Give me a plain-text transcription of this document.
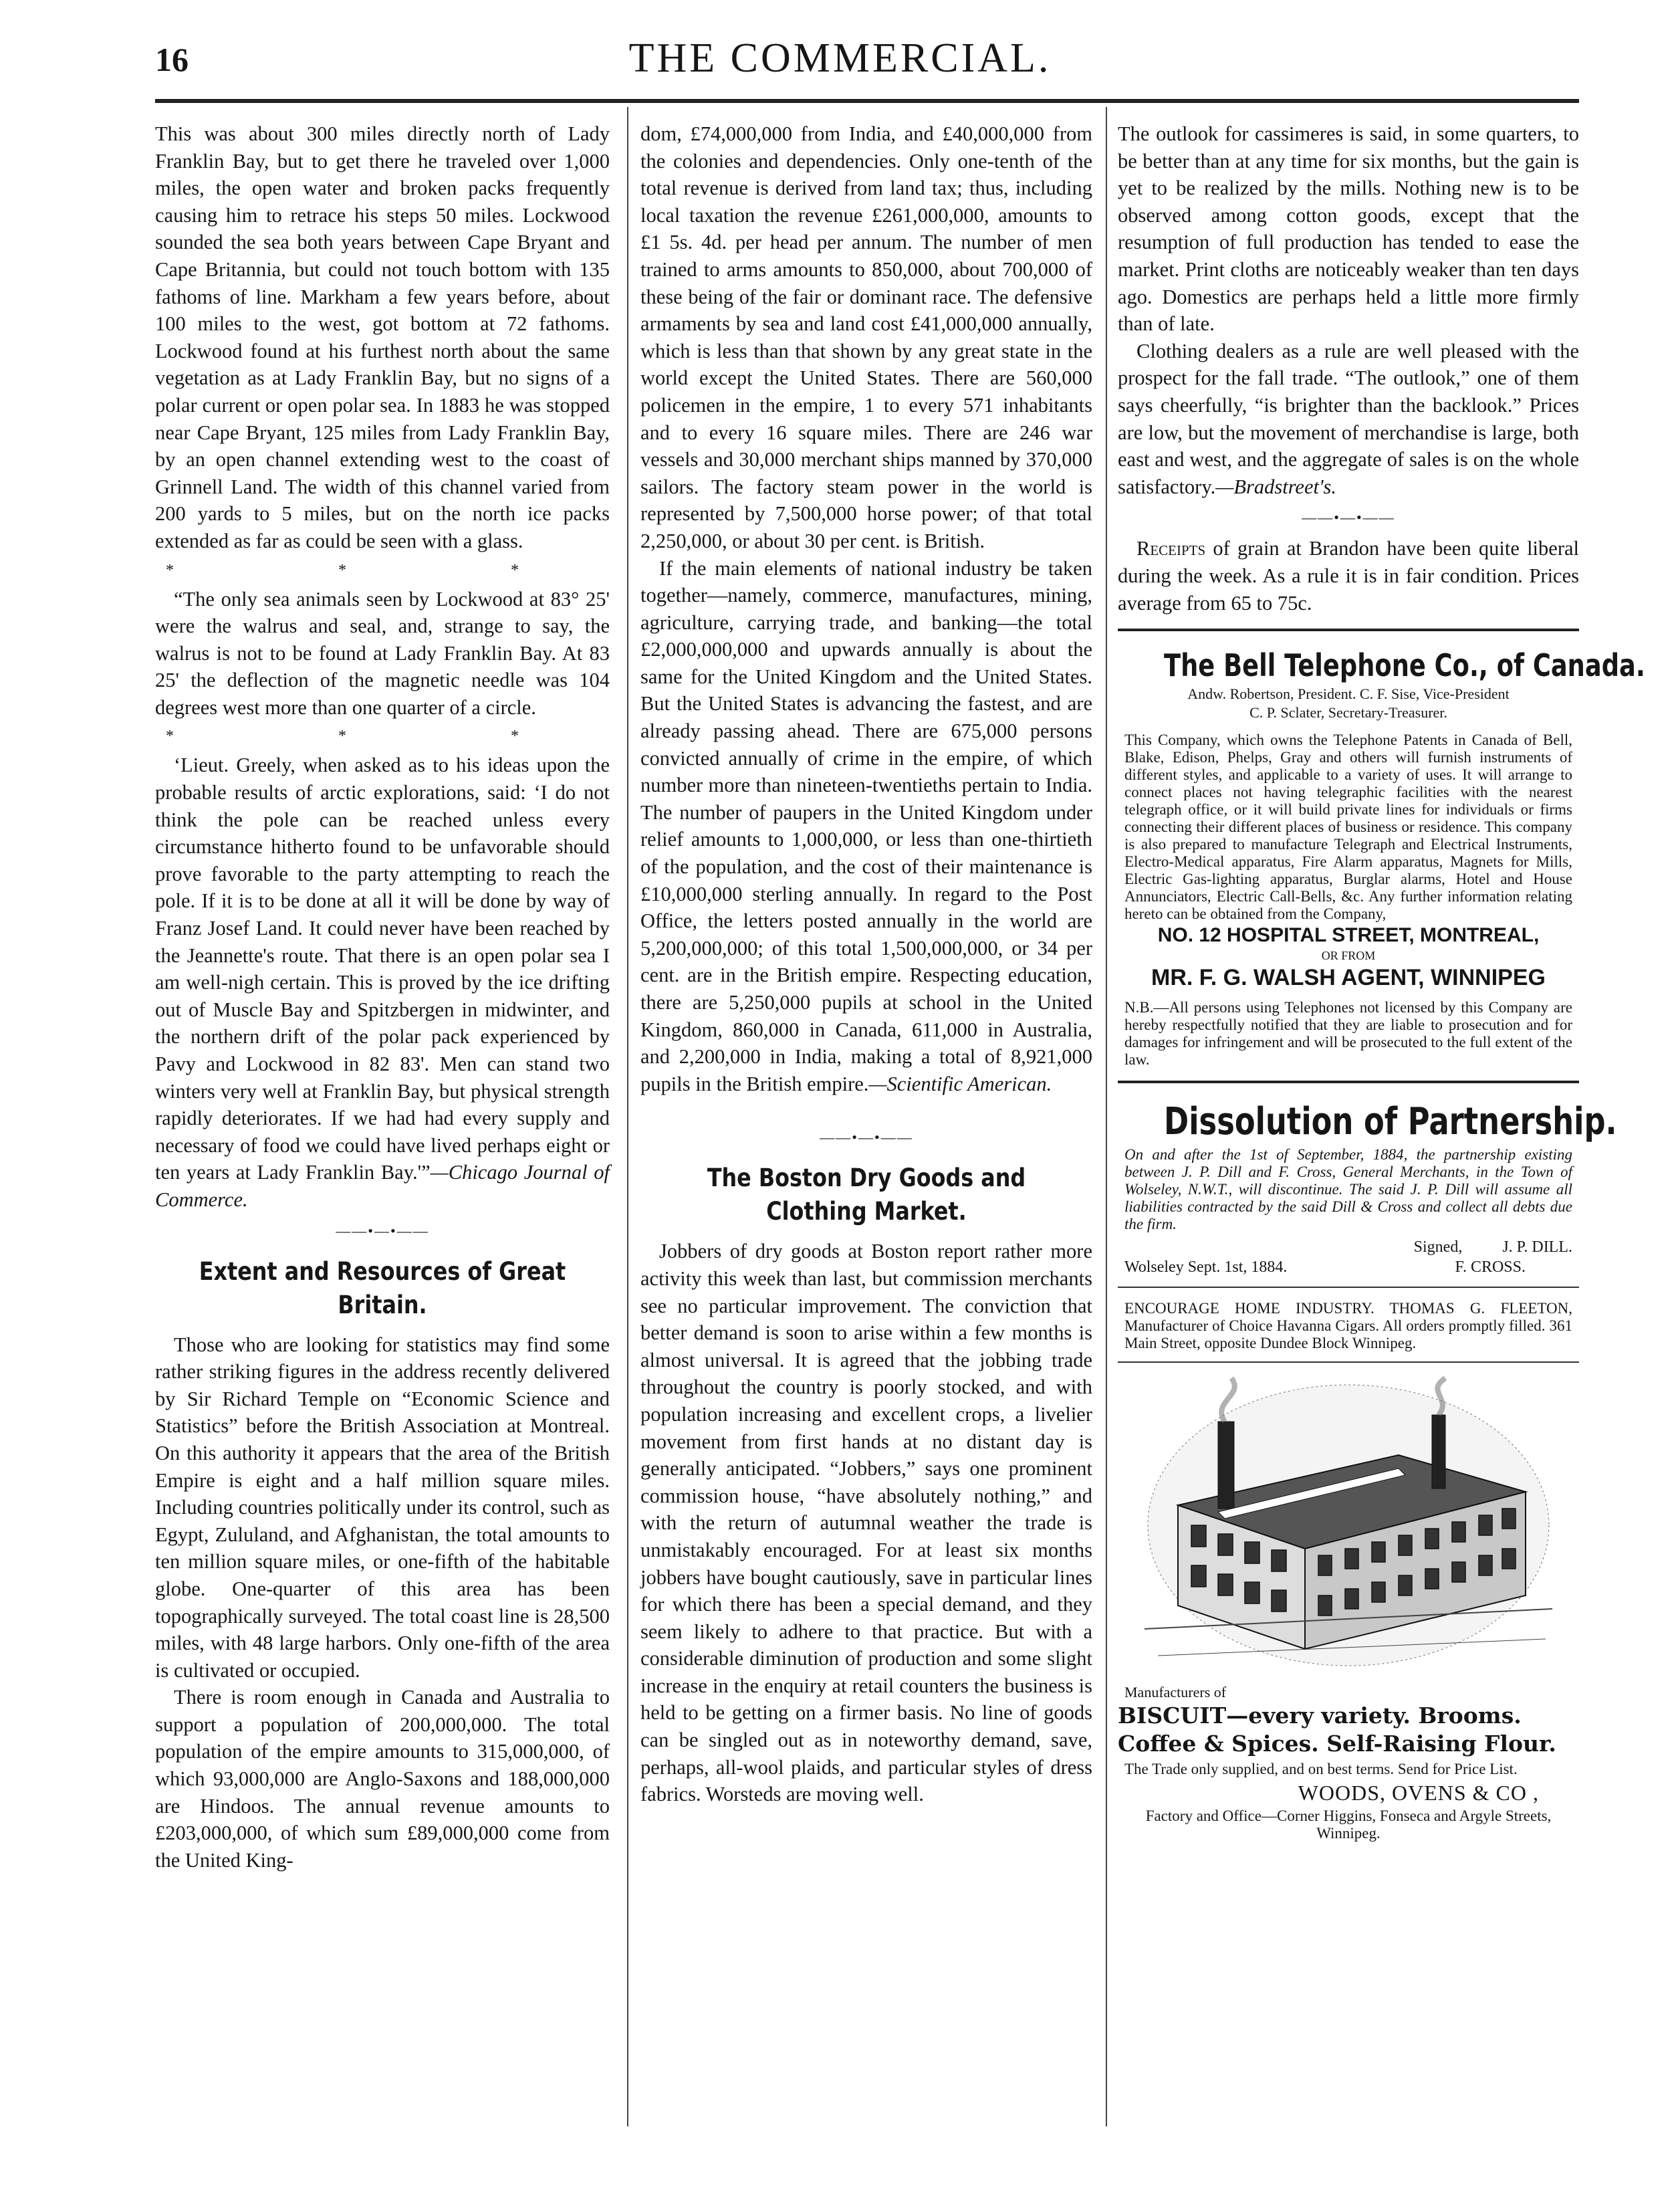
16	THE COMMERCIAL.

This was about 300 miles directly north of Lady Franklin Bay, but to get there he traveled over 1,000 miles, the open water and broken packs frequently causing him to retrace his steps 50 miles. Lockwood sounded the sea both years between Cape Bryant and Cape Britannia, but could not touch bottom with 135 fathoms of line. Markham a few years before, about 100 miles to the west, got bottom at 72 fathoms. Lockwood found at his furthest north about the same vegetation as at Lady Franklin Bay, but no signs of a polar current or open polar sea. In 1883 he was stopped near Cape Bryant, 125 miles from Lady Franklin Bay, by an open channel extending west to the coast of Grinnell Land. The width of this channel varied from 200 yards to 5 miles, but on the north ice packs extended as far as could be seen with a glass.

* * *

“The only sea animals seen by Lockwood at 83° 25' were the walrus and seal, and, strange to say, the walrus is not to be found at Lady Franklin Bay. At 83 25' the deflection of the magnetic needle was 104 degrees west more than one quarter of a circle.

* * *

‘Lieut. Greely, when asked as to his ideas upon the probable results of arctic explorations, said: ‘I do not think the pole can be reached unless every circumstance hitherto found to be unfavorable should prove favorable to the party attempting to reach the pole. If it is to be done at all it will be done by way of Franz Josef Land. It could never have been reached by the Jeannette's route. That there is an open polar sea I am well-nigh certain. This is proved by the ice drifting out of Muscle Bay and Spitzbergen in midwinter, and the northern drift of the polar pack experienced by Pavy and Lockwood in 82 83'. Men can stand two winters very well at Franklin Bay, but physical strength rapidly deteriorates. If we had had every supply and necessary of food we could have lived perhaps eight or ten years at Lady Franklin Bay.'”—Chicago Journal of Commerce.

——•—•——
Extent and Resources of Great Britain.

Those who are looking for statistics may find some rather striking figures in the address recently delivered by Sir Richard Temple on “Economic Science and Statistics” before the British Association at Montreal. On this authority it appears that the area of the British Empire is eight and a half million square miles. Including countries politically under its control, such as Egypt, Zululand, and Afghanistan, the total amounts to ten million square miles, or one-fifth of the habitable globe. One-quarter of this area has been topographically surveyed. The total coast line is 28,500 miles, with 48 large harbors. Only one-fifth of the area is cultivated or occupied.

There is room enough in Canada and Australia to support a population of 200,000,000. The total population of the empire amounts to 315,000,000, of which 93,000,000 are Anglo-Saxons and 188,000,000 are Hindoos. The annual revenue amounts to £203,000,000, of which sum £89,000,000 come from the United King-

dom, £74,000,000 from India, and £40,000,000 from the colonies and dependencies. Only one-tenth of the total revenue is derived from land tax; thus, including local taxation the revenue £261,000,000, amounts to £1 5s. 4d. per head per annum. The number of men trained to arms amounts to 850,000, about 700,000 of these being of the fair or dominant race. The defensive armaments by sea and land cost £41,000,000 annually, which is less than that shown by any great state in the world except the United States. There are 560,000 policemen in the empire, 1 to every 571 inhabitants and to every 16 square miles. There are 246 war vessels and 30,000 merchant ships manned by 370,000 sailors. The factory steam power in the world is represented by 7,500,000 horse power; of that total 2,250,000, or about 30 per cent. is British.

If the main elements of national industry be taken together—namely, commerce, manufactures, mining, agriculture, carrying trade, and banking—the total £2,000,000,000 and upwards annually is about the same for the United Kingdom and the United States. But the United States is advancing the fastest, and are already passing ahead. There are 675,000 persons convicted annually of crime in the empire, of which number more than nineteen-twentieths pertain to India. The number of paupers in the United Kingdom under relief amounts to 1,000,000, or less than one-thirtieth of the population, and the cost of their maintenance is £10,000,000 sterling annually. In regard to the Post Office, the letters posted annually in the world are 5,200,000,000; of this total 1,500,000,000, or 34 per cent. are in the British empire. Respecting education, there are 5,250,000 pupils at school in the United Kingdom, 860,000 in Canada, 611,000 in Australia, and 2,200,000 in India, making a total of 8,921,000 pupils in the British empire.—Scientific American.

——•—•——
The Boston Dry Goods and Clothing Market.

Jobbers of dry goods at Boston report rather more activity this week than last, but commission merchants see no particular improvement. The conviction that better demand is soon to arise within a few months is almost universal. It is agreed that the jobbing trade throughout the country is poorly stocked, and with population increasing and excellent crops, a livelier movement from first hands at no distant day is generally anticipated. “Jobbers,” says one prominent commission house, “have absolutely nothing,” and with the return of autumnal weather the trade is unmistakably encouraged. For at least six months jobbers have bought cautiously, save in particular lines for which there has been a special demand, and they seem likely to adhere to that practice. But with a considerable diminution of production and some slight increase in the enquiry at retail counters the business is held to be getting on a firmer basis. No line of goods can be singled out as in noteworthy demand, save, perhaps, all-wool plaids, and particular styles of dress fabrics. Worsteds are moving well.

The outlook for cassimeres is said, in some quarters, to be better than at any time for six months, but the gain is yet to be realized by the mills. Nothing new is to be observed among cotton goods, except that the resumption of full production has tended to ease the market. Print cloths are noticeably weaker than ten days ago. Domestics are perhaps held a little more firmly than of late.

Clothing dealers as a rule are well pleased with the prospect for the fall trade. “The outlook,” one of them says cheerfully, “is brighter than the backlook.” Prices are low, but the movement of merchandise is large, both east and west, and the aggregate of sales is on the whole satisfactory.—Bradstreet's.

——•—•——

Receipts of grain at Brandon have been quite liberal during the week. As a rule it is in fair condition. Prices average from 65 to 75c.

The Bell Telephone Co., of Canada.
Andw. Robertson, President. C. F. Sise, Vice-President
C. P. Sclater, Secretary-Treasurer.
This Company, which owns the Telephone Patents in Canada of Bell, Blake, Edison, Phelps, Gray and others will furnish instruments of different styles, and applicable to a variety of uses. It will arrange to connect places not having telegraphic facilities with the nearest telegraph office, or it will build private lines for individuals or firms connecting their different places of business or residence. This company is also prepared to manufacture Telegraph and Electrical Instruments, Electro-Medical apparatus, Fire Alarm apparatus, Magnets for Mills, Electric Gas-lighting apparatus, Burglar alarms, Hotel and House Annunciators, Electric Call-Bells, &c. Any further information relating hereto can be obtained from the Company,
NO. 12 HOSPITAL STREET, MONTREAL,
OR FROM
MR. F. G. WALSH AGENT, WINNIPEG
N.B.—All persons using Telephones not licensed by this Company are hereby respectfully notified that they are liable to prosecution and for damages for infringement and will be prosecuted to the full extent of the law.
Dissolution of Partnership.
On and after the 1st of September, 1884, the partnership existing between J. P. Dill and F. Cross, General Merchants, in the Town of Wolseley, N.W.T., will discontinue. The said J. P. Dill will assume all liabilities contracted by the said Dill & Cross and collect all debts due the firm.
Signed,	J. P. DILL.
Wolseley Sept. 1st, 1884.	F. CROSS.
ENCOURAGE HOME INDUSTRY. THOMAS G. FLEETON, Manufacturer of Choice Havanna Cigars. All orders promptly filled. 361 Main Street, opposite Dundee Block Winnipeg.
Manufacturers of
BISCUIT—every variety. Brooms.
Coffee & Spices. Self-Raising Flour.
The Trade only supplied, and on best terms. Send for Price List.
WOODS, OVENS & CO ,
Factory and Office—Corner Higgins, Fonseca and Argyle Streets, Winnipeg.
